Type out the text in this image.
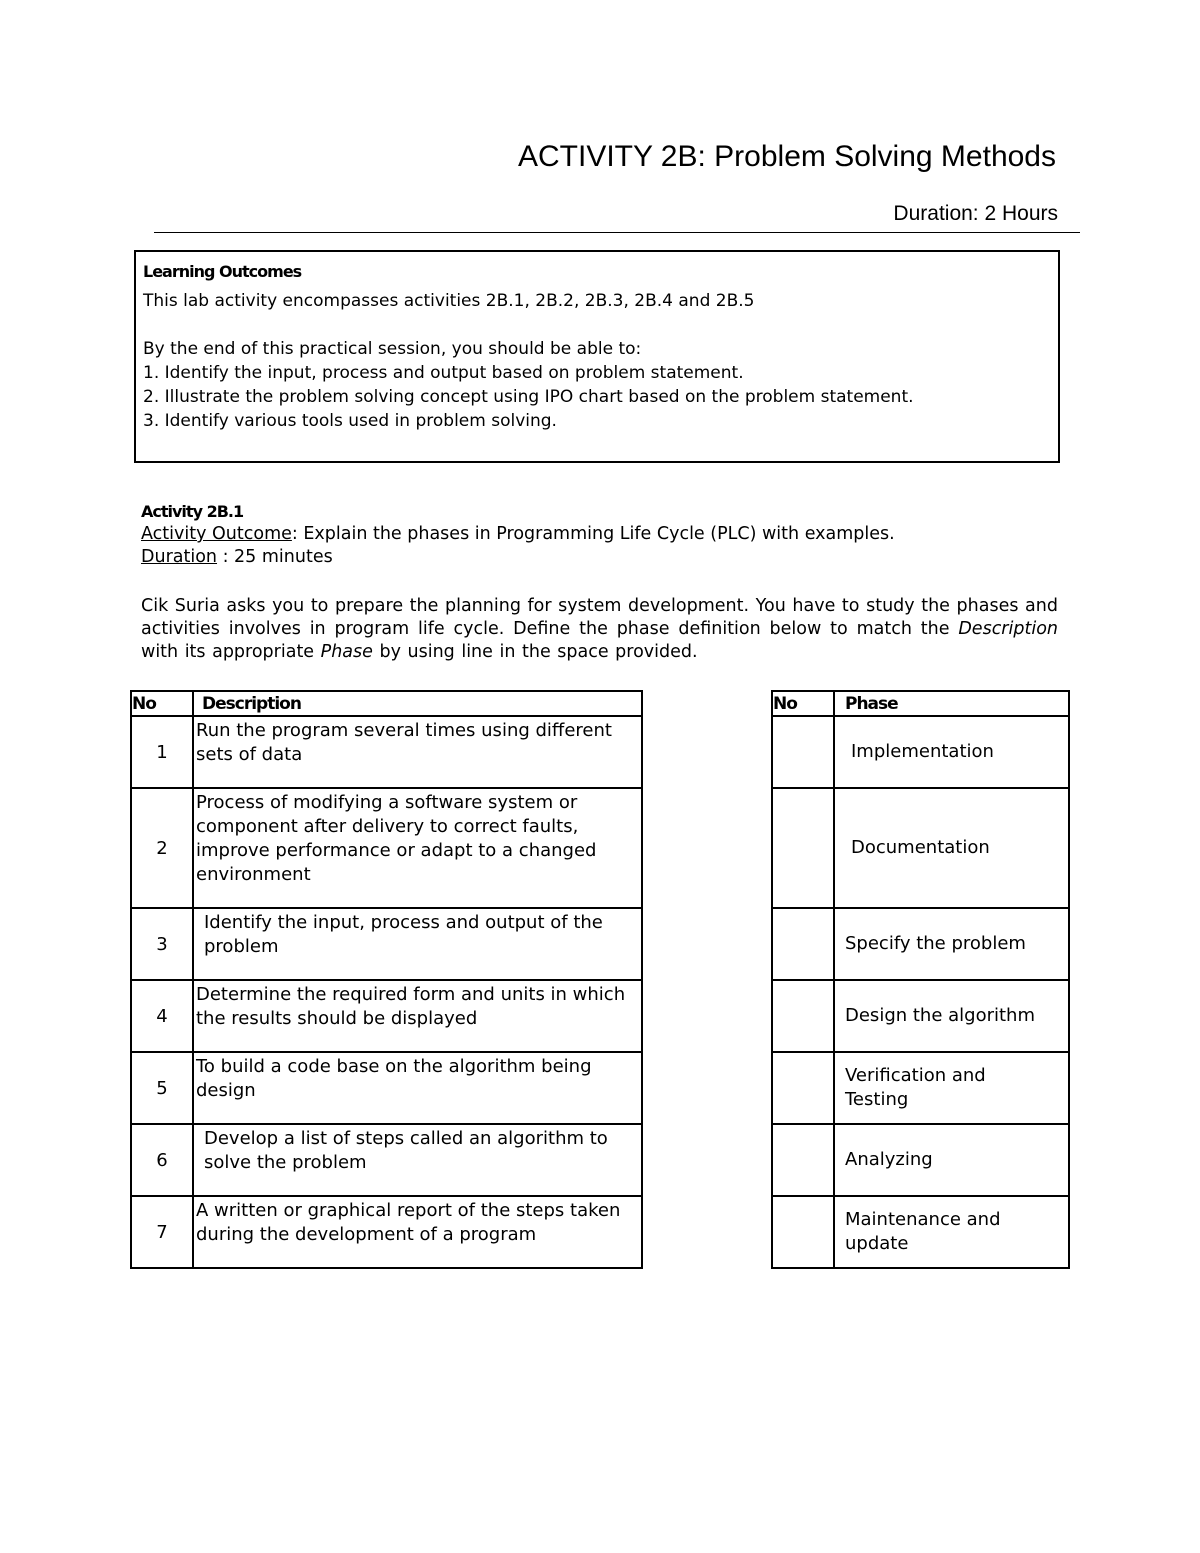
ACTIVITY 2B: Problem Solving Methods
Duration: 2 Hours
Learning Outcomes
This lab activity encompasses activities 2B.1, 2B.2, 2B.3, 2B.4 and 2B.5
By the end of this practical session, you should be able to:
1. Identify the input, process and output based on problem statement.
2. Illustrate the problem solving concept using IPO chart based on the problem statement.
3. Identify various tools used in problem solving.
Activity 2B.1
Activity Outcome: Explain the phases in Programming Life Cycle (PLC) with examples.
Duration : 25 minutes
Cik Suria asks you to prepare the planning for system development. You have to study the phases and activities involves in program life cycle. Define the phase definition below to match the Description with its appropriate Phase by using line in the space provided.
No	Description
1	Run the program several times using different sets of data
2	Process of modifying a software system or component after delivery to correct faults, improve performance or adapt to a changed environment
3	Identify the input, process and output of the problem
4	Determine the required form and units in which the results should be displayed
5	To build a code base on the algorithm being design
6	Develop a list of steps called an algorithm to solve the problem
7	A written or graphical report of the steps taken during the development of a program
No	Phase
	Implementation
	Documentation
	Specify the problem
	Design the algorithm
	Verification and Testing
	Analyzing
	Maintenance and update
